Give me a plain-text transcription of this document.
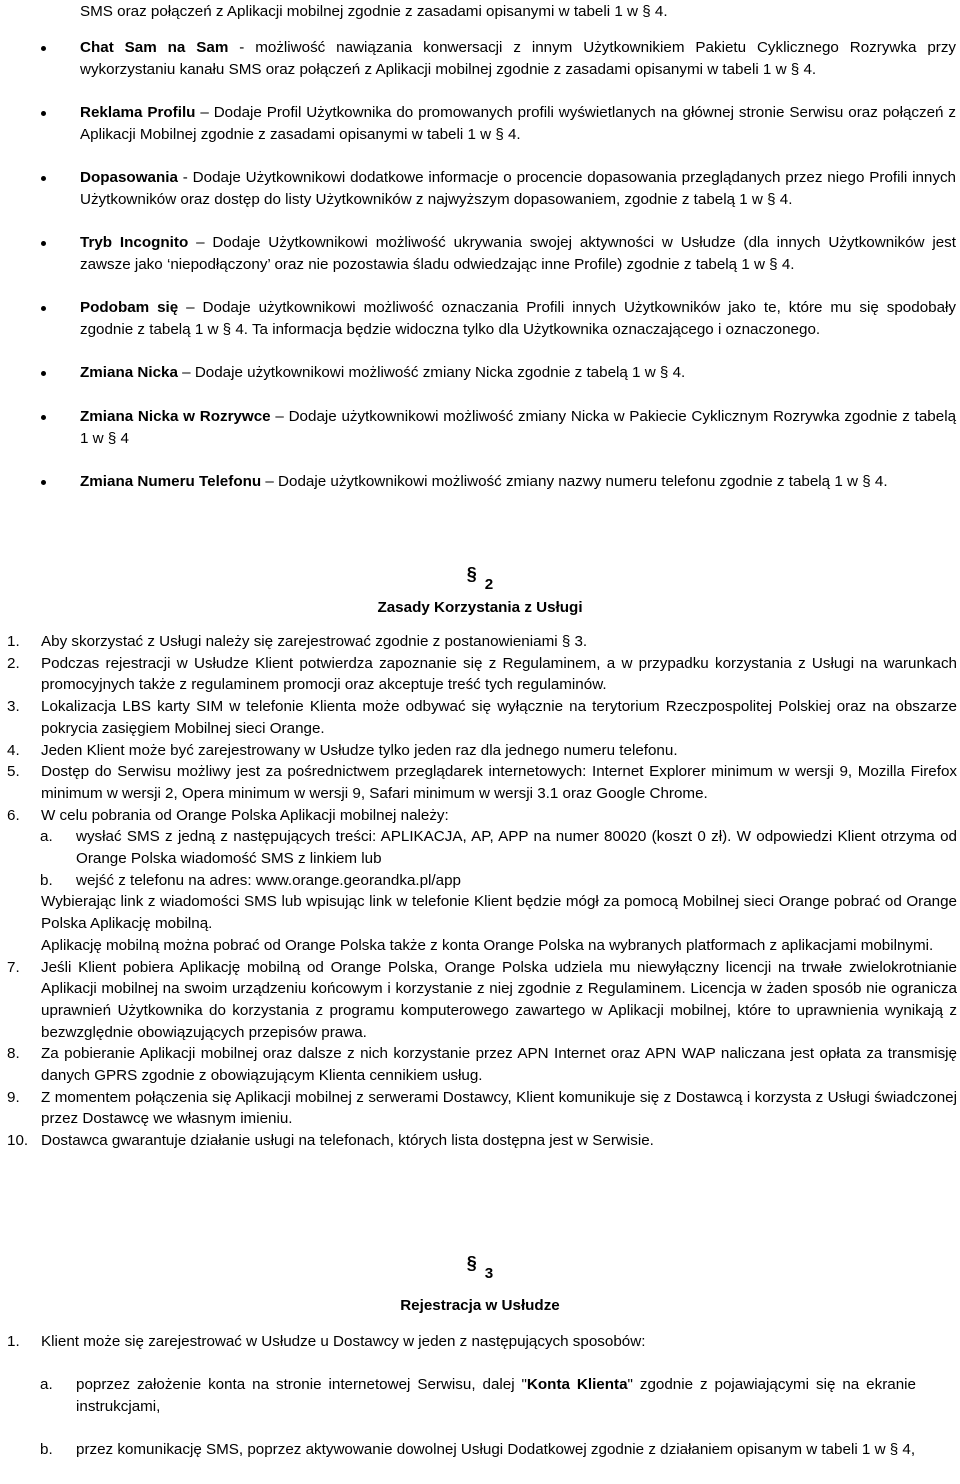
SMS oraz połączeń z Aplikacji mobilnej zgodnie z zasadami opisanymi w tabeli 1 w § 4.
Chat Sam na Sam - możliwość nawiązania konwersacji z innym Użytkownikiem Pakietu Cyklicznego Rozrywka przy wykorzystaniu kanału SMS oraz połączeń z Aplikacji mobilnej zgodnie z zasadami opisanymi w tabeli 1 w § 4.
Reklama Profilu – Dodaje Profil Użytkownika do promowanych profili wyświetlanych na głównej stronie Serwisu oraz połączeń z Aplikacji Mobilnej zgodnie z zasadami opisanymi w tabeli 1 w § 4.
Dopasowania - Dodaje Użytkownikowi dodatkowe informacje o procencie dopasowania przeglądanych przez niego Profili innych Użytkowników oraz dostęp do listy Użytkowników z najwyższym dopasowaniem, zgodnie z tabelą 1 w § 4.
Tryb Incognito – Dodaje Użytkownikowi możliwość ukrywania swojej aktywności w Usłudze (dla innych Użytkowników jest zawsze jako ‘niepodłączony’ oraz nie pozostawia śladu odwiedzając inne Profile) zgodnie z tabelą 1 w § 4.
Podobam się – Dodaje użytkownikowi możliwość oznaczania Profili innych Użytkowników jako te, które mu się spodobały zgodnie z tabelą 1 w § 4. Ta informacja będzie widoczna tylko dla Użytkownika oznaczającego i oznaczonego.
Zmiana Nicka – Dodaje użytkownikowi możliwość zmiany Nicka zgodnie z tabelą 1 w § 4.
Zmiana Nicka w Rozrywce – Dodaje użytkownikowi możliwość zmiany Nicka w Pakiecie Cyklicznym Rozrywka zgodnie z tabelą 1 w § 4
Zmiana Numeru Telefonu – Dodaje użytkownikowi możliwość zmiany nazwy numeru telefonu zgodnie z tabelą 1 w § 4.
§2
Zasady Korzystania z Usługi
1. Aby skorzystać z Usługi należy się zarejestrować zgodnie z postanowieniami § 3.
2. Podczas rejestracji w Usłudze Klient potwierdza zapoznanie się z Regulaminem, a w przypadku korzystania z Usługi na warunkach promocyjnych także z regulaminem promocji oraz akceptuje treść tych regulaminów.
3. Lokalizacja LBS karty SIM w telefonie Klienta może odbywać się wyłącznie na terytorium Rzeczpospolitej Polskiej oraz na obszarze pokrycia zasięgiem Mobilnej sieci Orange.
4. Jeden Klient może być zarejestrowany w Usłudze tylko jeden raz dla jednego numeru telefonu.
5. Dostęp do Serwisu możliwy jest za pośrednictwem przeglądarek internetowych: Internet Explorer minimum w wersji 9, Mozilla Firefox minimum w wersji 2, Opera minimum w wersji 9, Safari minimum w wersji 3.1 oraz Google Chrome.
6. W celu pobrania od Orange Polska Aplikacji mobilnej należy:
a. wysłać SMS z jedną z następujących treści: APLIKACJA, AP, APP na numer 80020 (koszt 0 zł). W odpowiedzi Klient otrzyma od Orange Polska wiadomość SMS z linkiem lub
b. wejść z telefonu na adres: www.orange.georandka.pl/app
Wybierając link z wiadomości SMS lub wpisując link w telefonie Klient będzie mógł za pomocą Mobilnej sieci Orange pobrać od Orange Polska Aplikację mobilną.
Aplikację mobilną można pobrać od Orange Polska także z konta Orange Polska na wybranych platformach z aplikacjami mobilnymi.
7. Jeśli Klient pobiera Aplikację mobilną od Orange Polska, Orange Polska udziela mu niewyłączny licencji na trwałe zwielokrotnianie Aplikacji mobilnej na swoim urządzeniu końcowym i korzystanie z niej zgodnie z Regulaminem. Licencja w żaden sposób nie ogranicza uprawnień Użytkownika do korzystania z programu komputerowego zawartego w Aplikacji mobilnej, które to uprawnienia wynikają z bezwzględnie obowiązujących przepisów prawa.
8. Za pobieranie Aplikacji mobilnej oraz dalsze z nich korzystanie przez APN Internet oraz APN WAP naliczana jest opłata za transmisję danych GPRS zgodnie z obowiązującym Klienta cennikiem usług.
9. Z momentem połączenia się Aplikacji mobilnej z serwerami Dostawcy, Klient komunikuje się z Dostawcą i korzysta z Usługi świadczonej przez Dostawcę we własnym imieniu.
10. Dostawca gwarantuje działanie usługi na telefonach, których lista dostępna jest w Serwisie.
§3
Rejestracja w Usłudze
1. Klient może się zarejestrować w Usłudze u Dostawcy w jeden z następujących sposobów:
a. poprzez założenie konta na stronie internetowej Serwisu, dalej "Konta Klienta" zgodnie z pojawiającymi się na ekranie instrukcjami,
b. przez komunikację SMS, poprzez aktywowanie dowolnej Usługi Dodatkowej zgodnie z działaniem opisanym w tabeli 1 w § 4,
